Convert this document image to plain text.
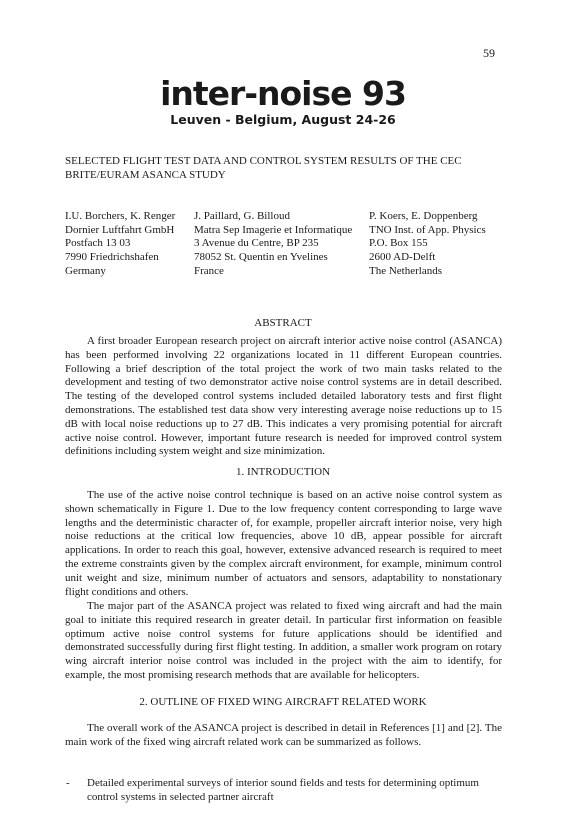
59
inter-noise 93
Leuven - Belgium, August 24-26
SELECTED FLIGHT TEST DATA AND CONTROL SYSTEM RESULTS OF THE CEC BRITE/EURAM ASANCA STUDY
I.U. Borchers, K. Renger
Dornier Luftfahrt GmbH
Postfach 13 03
7990 Friedrichshafen
Germany
J. Paillard, G. Billoud
Matra Sep Imagerie et Informatique
3 Avenue du Centre, BP 235
78052 St. Quentin en Yvelines
France
P. Koers, E. Doppenberg
TNO Inst. of App. Physics
P.O. Box 155
2600 AD-Delft
The Netherlands
ABSTRACT

A first broader European research project on aircraft interior active noise control (ASANCA) has been performed involving 22 organizations located in 11 different European countries. Following a brief description of the total project the work of two main tasks related to the development and testing of two demonstrator active noise control systems are in detail described. The testing of the developed control systems included detailed laboratory tests and first flight demonstrations. The established test data show very interesting average noise reductions up to 15 dB with local noise reductions up to 27 dB. This indicates a very promising potential for aircraft active noise control. However, important future research is needed for improved control system definitions including system weight and size minimization.

1. INTRODUCTION

The use of the active noise control technique is based on an active noise control system as shown schematically in Figure 1. Due to the low frequency content corresponding to large wave lengths and the deterministic character of, for example, propeller aircraft interior noise, very high noise reductions at the critical low frequencies, above 10 dB, appear possible for aircraft applications. In order to reach this goal, however, extensive advanced research is required to meet the extreme constraints given by the complex aircraft environment, for example, minimum control unit weight and size, minimum number of actuators and sensors, adaptability to nonstationary flight conditions and others.

The major part of the ASANCA project was related to fixed wing aircraft and had the main goal to initiate this required research in greater detail. In particular first information on feasible optimum active noise control systems for future applications should be identified and demonstrated successfully during first flight testing. In addition, a smaller work program on rotary wing aircraft interior noise control was included in the project with the aim to identify, for example, the most promising research methods that are available for helicopters.

2. OUTLINE OF FIXED WING AIRCRAFT RELATED WORK

The overall work of the ASANCA project is described in detail in References [1] and [2]. The main work of the fixed wing aircraft related work can be summarized as follows.

- Detailed experimental surveys of interior sound fields and tests for determining optimum control systems in selected partner aircraft
